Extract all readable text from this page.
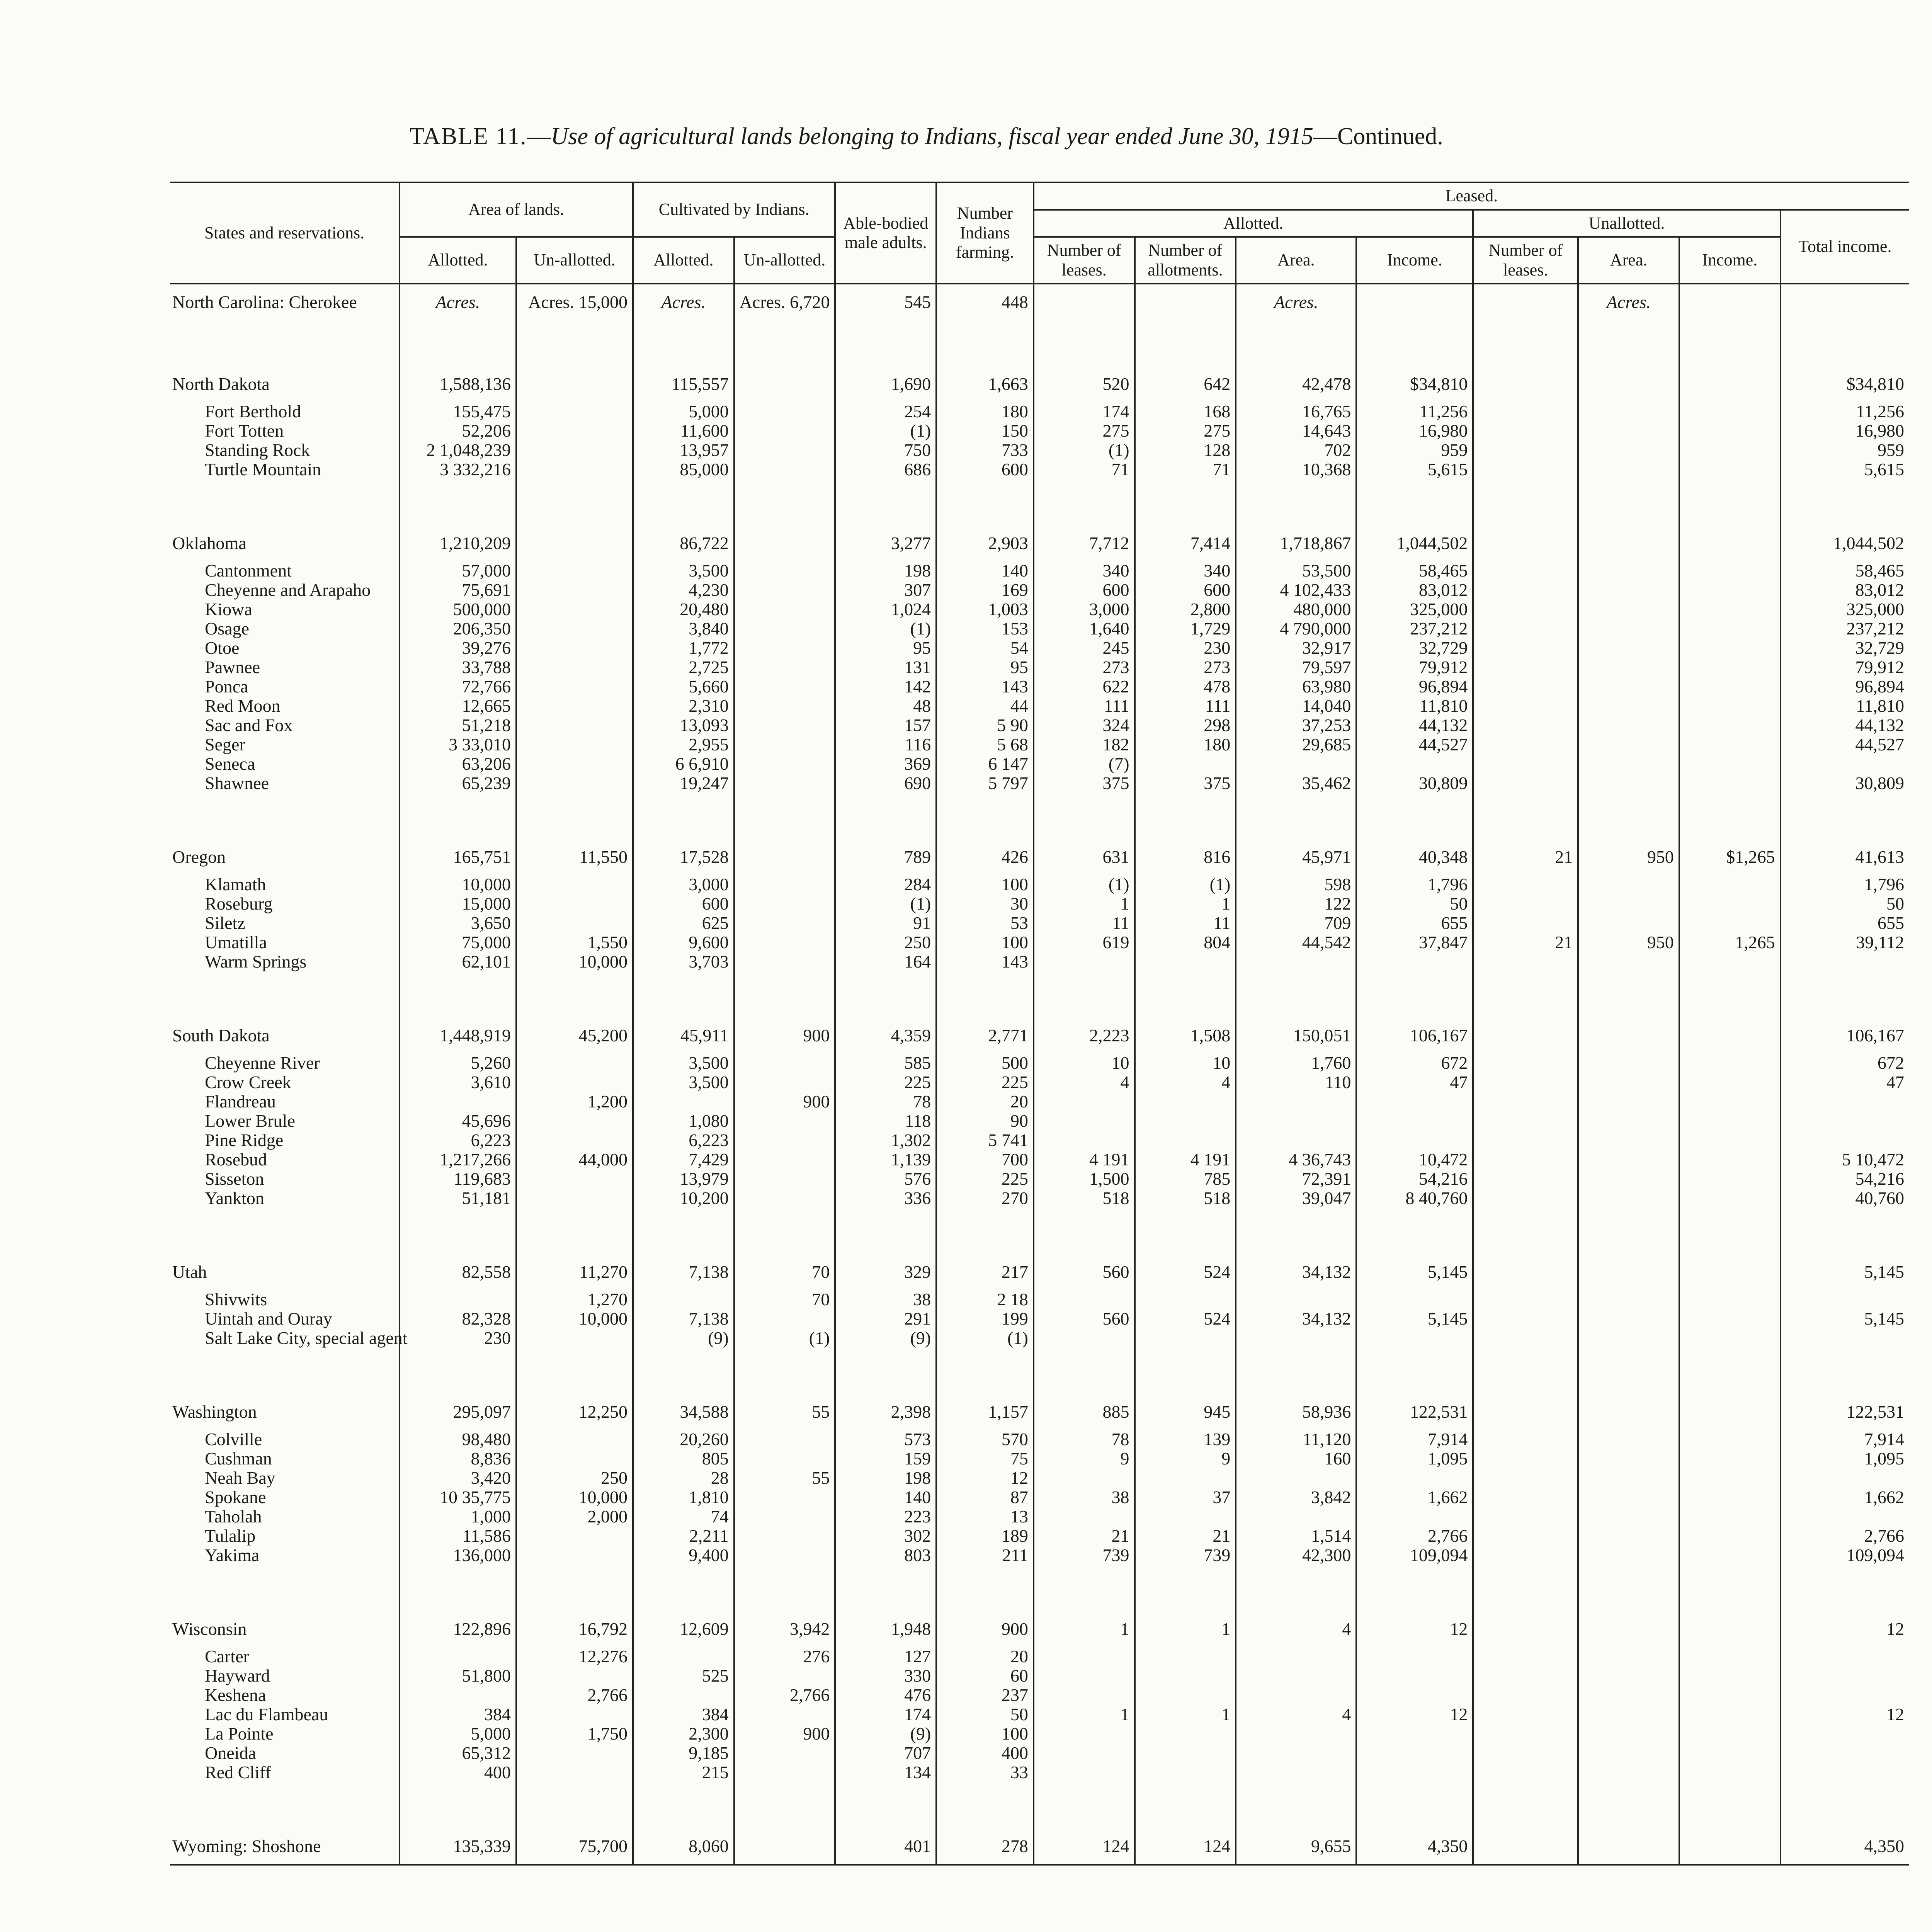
TABLE 11.—Use of agricultural lands belonging to Indians, fiscal year ended June 30, 1915—Continued.
States and reservations.	Area of lands.		Cultivated by Indians.		Able-bodied male adults.	Number Indians farming.	Leased.							
							Allotted.				Unallotted.			Total income.
	Allotted.	Un-allotted.	Allotted.	Un-allotted.			Number of leases.	Number of allotments.	Area.	Income.	Number of leases.	Area.	Income.	
North Carolina: Cherokee	Acres.	Acres. 15,000	Acres.	Acres. 6,720	545	448			Acres.			Acres.		

North Dakota	1,588,136		115,557		1,690	1,663	520	642	42,478	$34,810				$34,810
Fort Berthold	155,475		5,000		254	180	174	168	16,765	11,256				11,256
Fort Totten	52,206		11,600		(1)	150	275	275	14,643	16,980				16,980
Standing Rock	2 1,048,239		13,957		750	733	(1)	128	702	959				959
Turtle Mountain	3 332,216		85,000		686	600	71	71	10,368	5,615				5,615

Oklahoma	1,210,209		86,722		3,277	2,903	7,712	7,414	1,718,867	1,044,502				1,044,502
Cantonment	57,000		3,500		198	140	340	340	53,500	58,465				58,465
Cheyenne and Arapaho	75,691		4,230		307	169	600	600	4 102,433	83,012				83,012
Kiowa	500,000		20,480		1,024	1,003	3,000	2,800	480,000	325,000				325,000
Osage	206,350		3,840		(1)	153	1,640	1,729	4 790,000	237,212				237,212
Otoe	39,276		1,772		95	54	245	230	32,917	32,729				32,729
Pawnee	33,788		2,725		131	95	273	273	79,597	79,912				79,912
Ponca	72,766		5,660		142	143	622	478	63,980	96,894				96,894
Red Moon	12,665		2,310		48	44	111	111	14,040	11,810				11,810
Sac and Fox	51,218		13,093		157	5 90	324	298	37,253	44,132				44,132
Seger	3 33,010		2,955		116	5 68	182	180	29,685	44,527				44,527
Seneca	63,206		6 6,910		369	6 147	(7)							
Shawnee	65,239		19,247		690	5 797	375	375	35,462	30,809				30,809

Oregon	165,751	11,550	17,528		789	426	631	816	45,971	40,348	21	950	$1,265	41,613
Klamath	10,000		3,000		284	100	(1)	(1)	598	1,796				1,796
Roseburg	15,000		600		(1)	30	1	1	122	50				50
Siletz	3,650		625		91	53	11	11	709	655				655
Umatilla	75,000	1,550	9,600		250	100	619	804	44,542	37,847	21	950	1,265	39,112
Warm Springs	62,101	10,000	3,703		164	143								

South Dakota	1,448,919	45,200	45,911	900	4,359	2,771	2,223	1,508	150,051	106,167				106,167
Cheyenne River	5,260		3,500		585	500	10	10	1,760	672				672
Crow Creek	3,610		3,500		225	225	4	4	110	47				47
Flandreau		1,200		900	78	20								
Lower Brule	45,696		1,080		118	90								
Pine Ridge	6,223		6,223		1,302	5 741								
Rosebud	1,217,266	44,000	7,429		1,139	700	4 191	4 191	4 36,743	10,472				5 10,472
Sisseton	119,683		13,979		576	225	1,500	785	72,391	54,216				54,216
Yankton	51,181		10,200		336	270	518	518	39,047	8 40,760				40,760

Utah	82,558	11,270	7,138	70	329	217	560	524	34,132	5,145				5,145
Shivwits		1,270		70	38	2 18								
Uintah and Ouray	82,328	10,000	7,138		291	199	560	524	34,132	5,145				5,145
Salt Lake City, special agent	230		(9)	(1)	(9)	(1)								

Washington	295,097	12,250	34,588	55	2,398	1,157	885	945	58,936	122,531				122,531
Colville	98,480		20,260		573	570	78	139	11,120	7,914				7,914
Cushman	8,836		805		159	75	9	9	160	1,095				1,095
Neah Bay	3,420	250	28	55	198	12								
Spokane	10 35,775	10,000	1,810		140	87	38	37	3,842	1,662				1,662
Taholah	1,000	2,000	74		223	13								
Tulalip	11,586		2,211		302	189	21	21	1,514	2,766				2,766
Yakima	136,000		9,400		803	211	739	739	42,300	109,094				109,094

Wisconsin	122,896	16,792	12,609	3,942	1,948	900	1	1	4	12				12
Carter		12,276		276	127	20								
Hayward	51,800		525		330	60								
Keshena		2,766		2,766	476	237								
Lac du Flambeau	384		384		174	50	1	1	4	12				12
La Pointe	5,000	1,750	2,300	900	(9)	100								
Oneida	65,312		9,185		707	400								
Red Cliff	400		215		134	33								

Wyoming: Shoshone	135,339	75,700	8,060		401	278	124	124	9,655	4,350				4,350
